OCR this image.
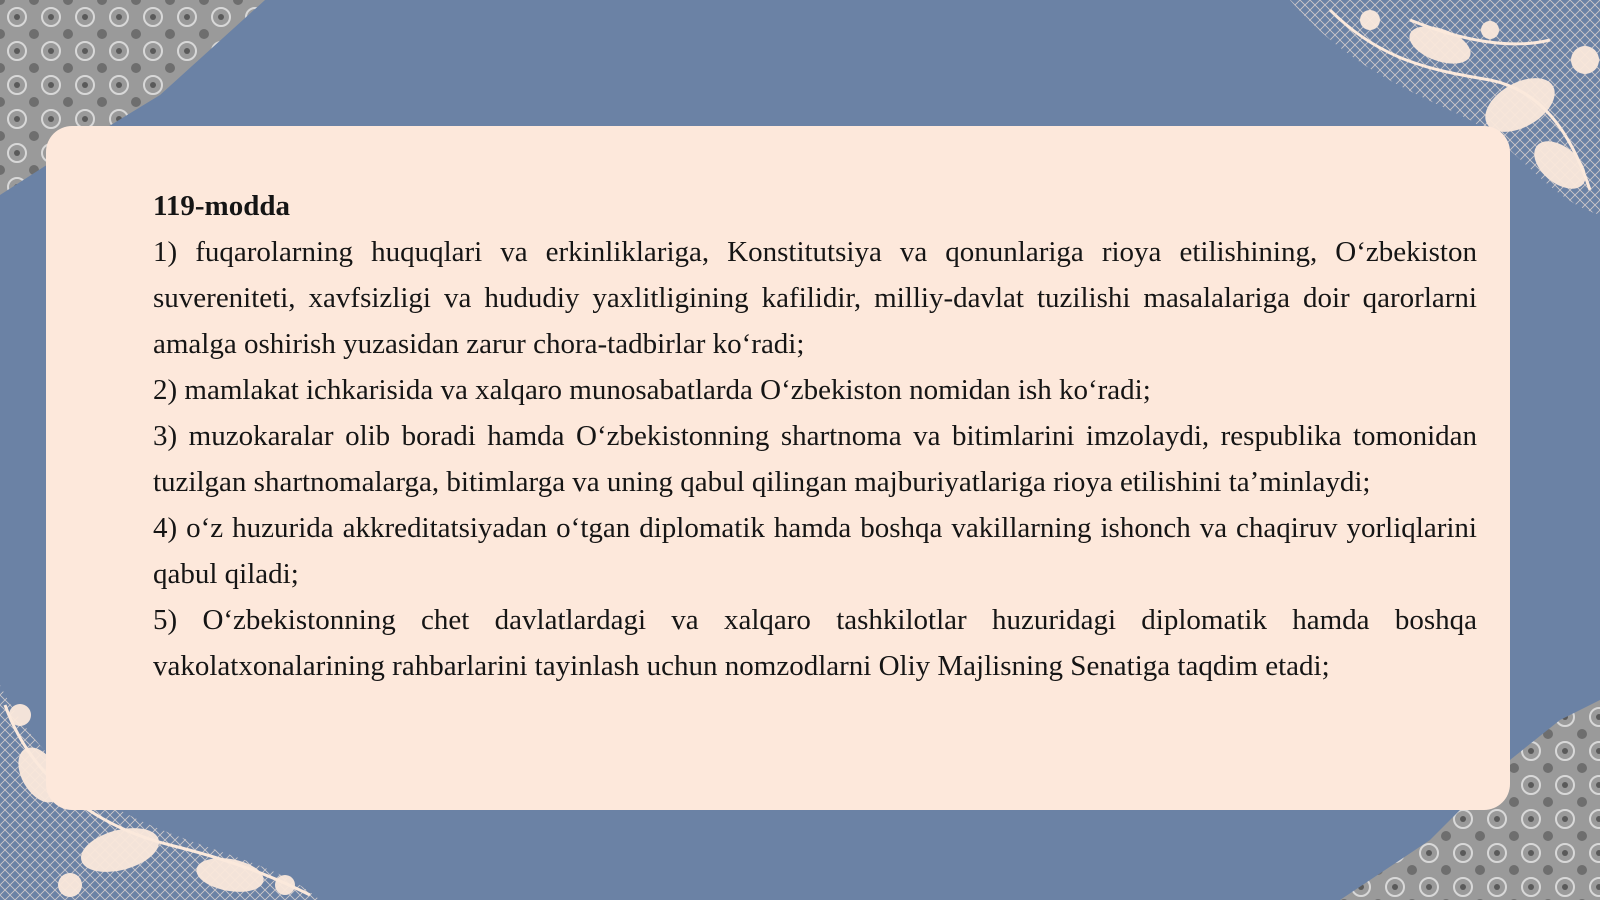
119-modda

1) fuqarolarning huquqlari va erkinliklariga, Konstitutsiya va qonunlariga rioya etilishining, O‘zbekiston suvereniteti, xavfsizligi va hududiy yaxlitligining kafilidir, milliy-davlat tuzilishi masalalariga doir qarorlarni amalga oshirish yuzasidan zarur chora-tadbirlar ko‘radi;

2) mamlakat ichkarisida va xalqaro munosabatlarda O‘zbekiston nomidan ish ko‘radi;

3) muzokaralar olib boradi hamda O‘zbekistonning shartnoma va bitimlarini imzolaydi, respublika tomonidan tuzilgan shartnomalarga, bitimlarga va uning qabul qilingan majburiyatlariga rioya etilishini ta’minlaydi;

4) o‘z huzurida akkreditatsiyadan o‘tgan diplomatik hamda boshqa vakillarning ishonch va chaqiruv yorliqlarini qabul qiladi;

5) O‘zbekistonning chet davlatlardagi va xalqaro tashkilotlar huzuridagi diplomatik hamda boshqa vakolatxonalarining rahbarlarini tayinlash uchun nomzodlarni Oliy Majlisning Senatiga taqdim etadi;
